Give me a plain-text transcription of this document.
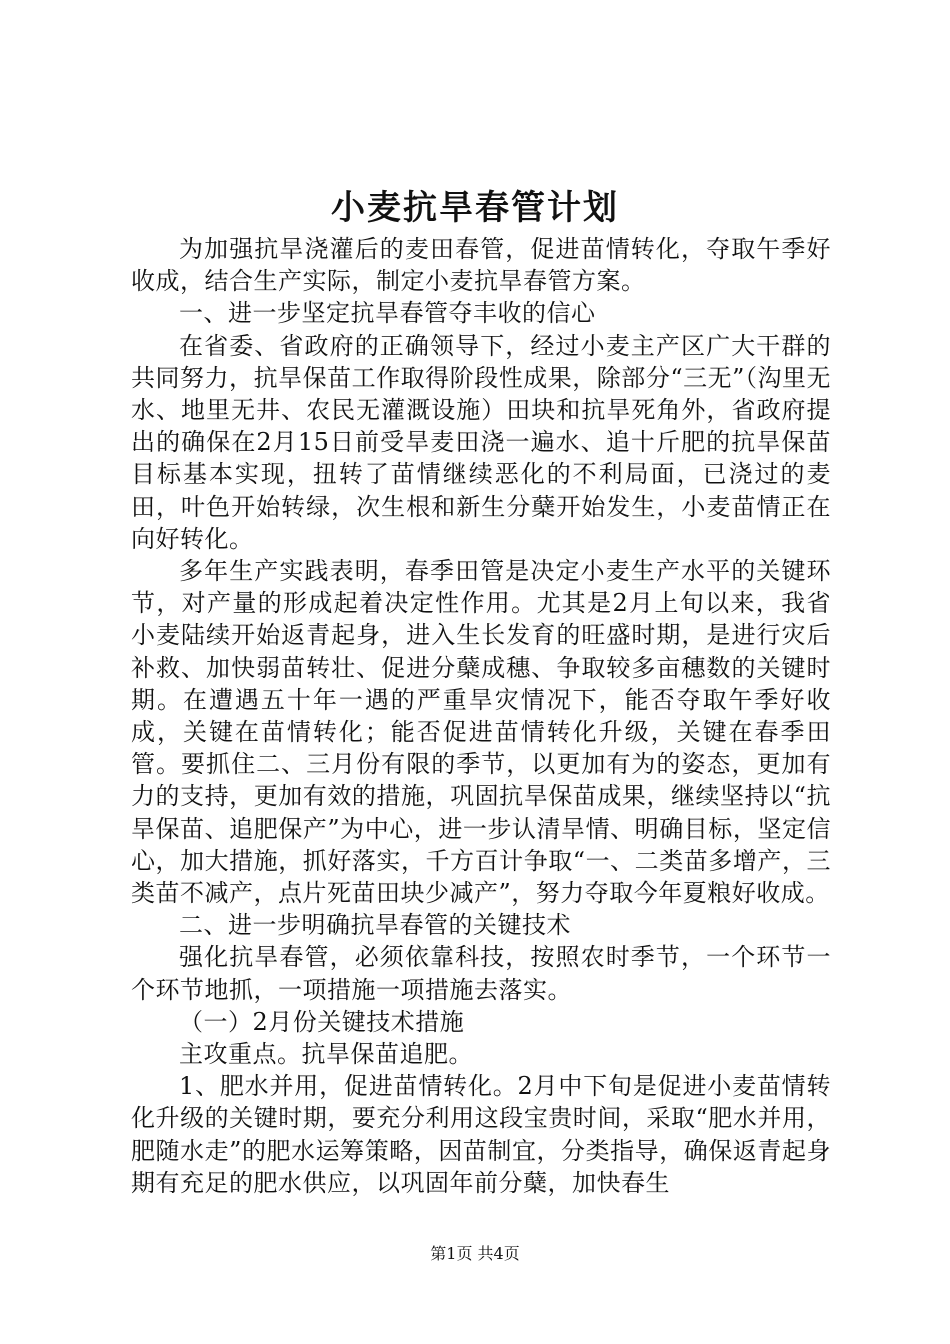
小麦抗旱春管计划

为加强抗旱浇灌后的麦田春管，促进苗情转化，夺取午季好收成，结合生产实际，制定小麦抗旱春管方案。

一、进一步坚定抗旱春管夺丰收的信心

在省委、省政府的正确领导下，经过小麦主产区广大干群的共同努力，抗旱保苗工作取得阶段性成果，除部分“三无”（沟里无水、地里无井、农民无灌溉设施）田块和抗旱死角外，省政府提出的确保在2月15日前受旱麦田浇一遍水、追十斤肥的抗旱保苗目标基本实现，扭转了苗情继续恶化的不利局面，已浇过的麦田，叶色开始转绿，次生根和新生分蘖开始发生，小麦苗情正在向好转化。

多年生产实践表明，春季田管是决定小麦生产水平的关键环节，对产量的形成起着决定性作用。尤其是2月上旬以来，我省小麦陆续开始返青起身，进入生长发育的旺盛时期，是进行灾后补救、加快弱苗转壮、促进分蘖成穗、争取较多亩穗数的关键时期。在遭遇五十年一遇的严重旱灾情况下，能否夺取午季好收成，关键在苗情转化；能否促进苗情转化升级，关键在春季田管。要抓住二、三月份有限的季节，以更加有为的姿态，更加有力的支持，更加有效的措施，巩固抗旱保苗成果，继续坚持以“抗旱保苗、追肥保产”为中心，进一步认清旱情、明确目标，坚定信心，加大措施，抓好落实，千方百计争取“一、二类苗多增产，三类苗不减产，点片死苗田块少减产”，努力夺取今年夏粮好收成。

二、进一步明确抗旱春管的关键技术

强化抗旱春管，必须依靠科技，按照农时季节，一个环节一个环节地抓，一项措施一项措施去落实。

（一）2月份关键技术措施

主攻重点。抗旱保苗追肥。

1、肥水并用，促进苗情转化。2月中下旬是促进小麦苗情转化升级的关键时期，要充分利用这段宝贵时间，采取“肥水并用，肥随水走”的肥水运筹策略，因苗制宜，分类指导，确保返青起身期有充足的肥水供应，以巩固年前分蘖，加快春生

第1页 共4页
